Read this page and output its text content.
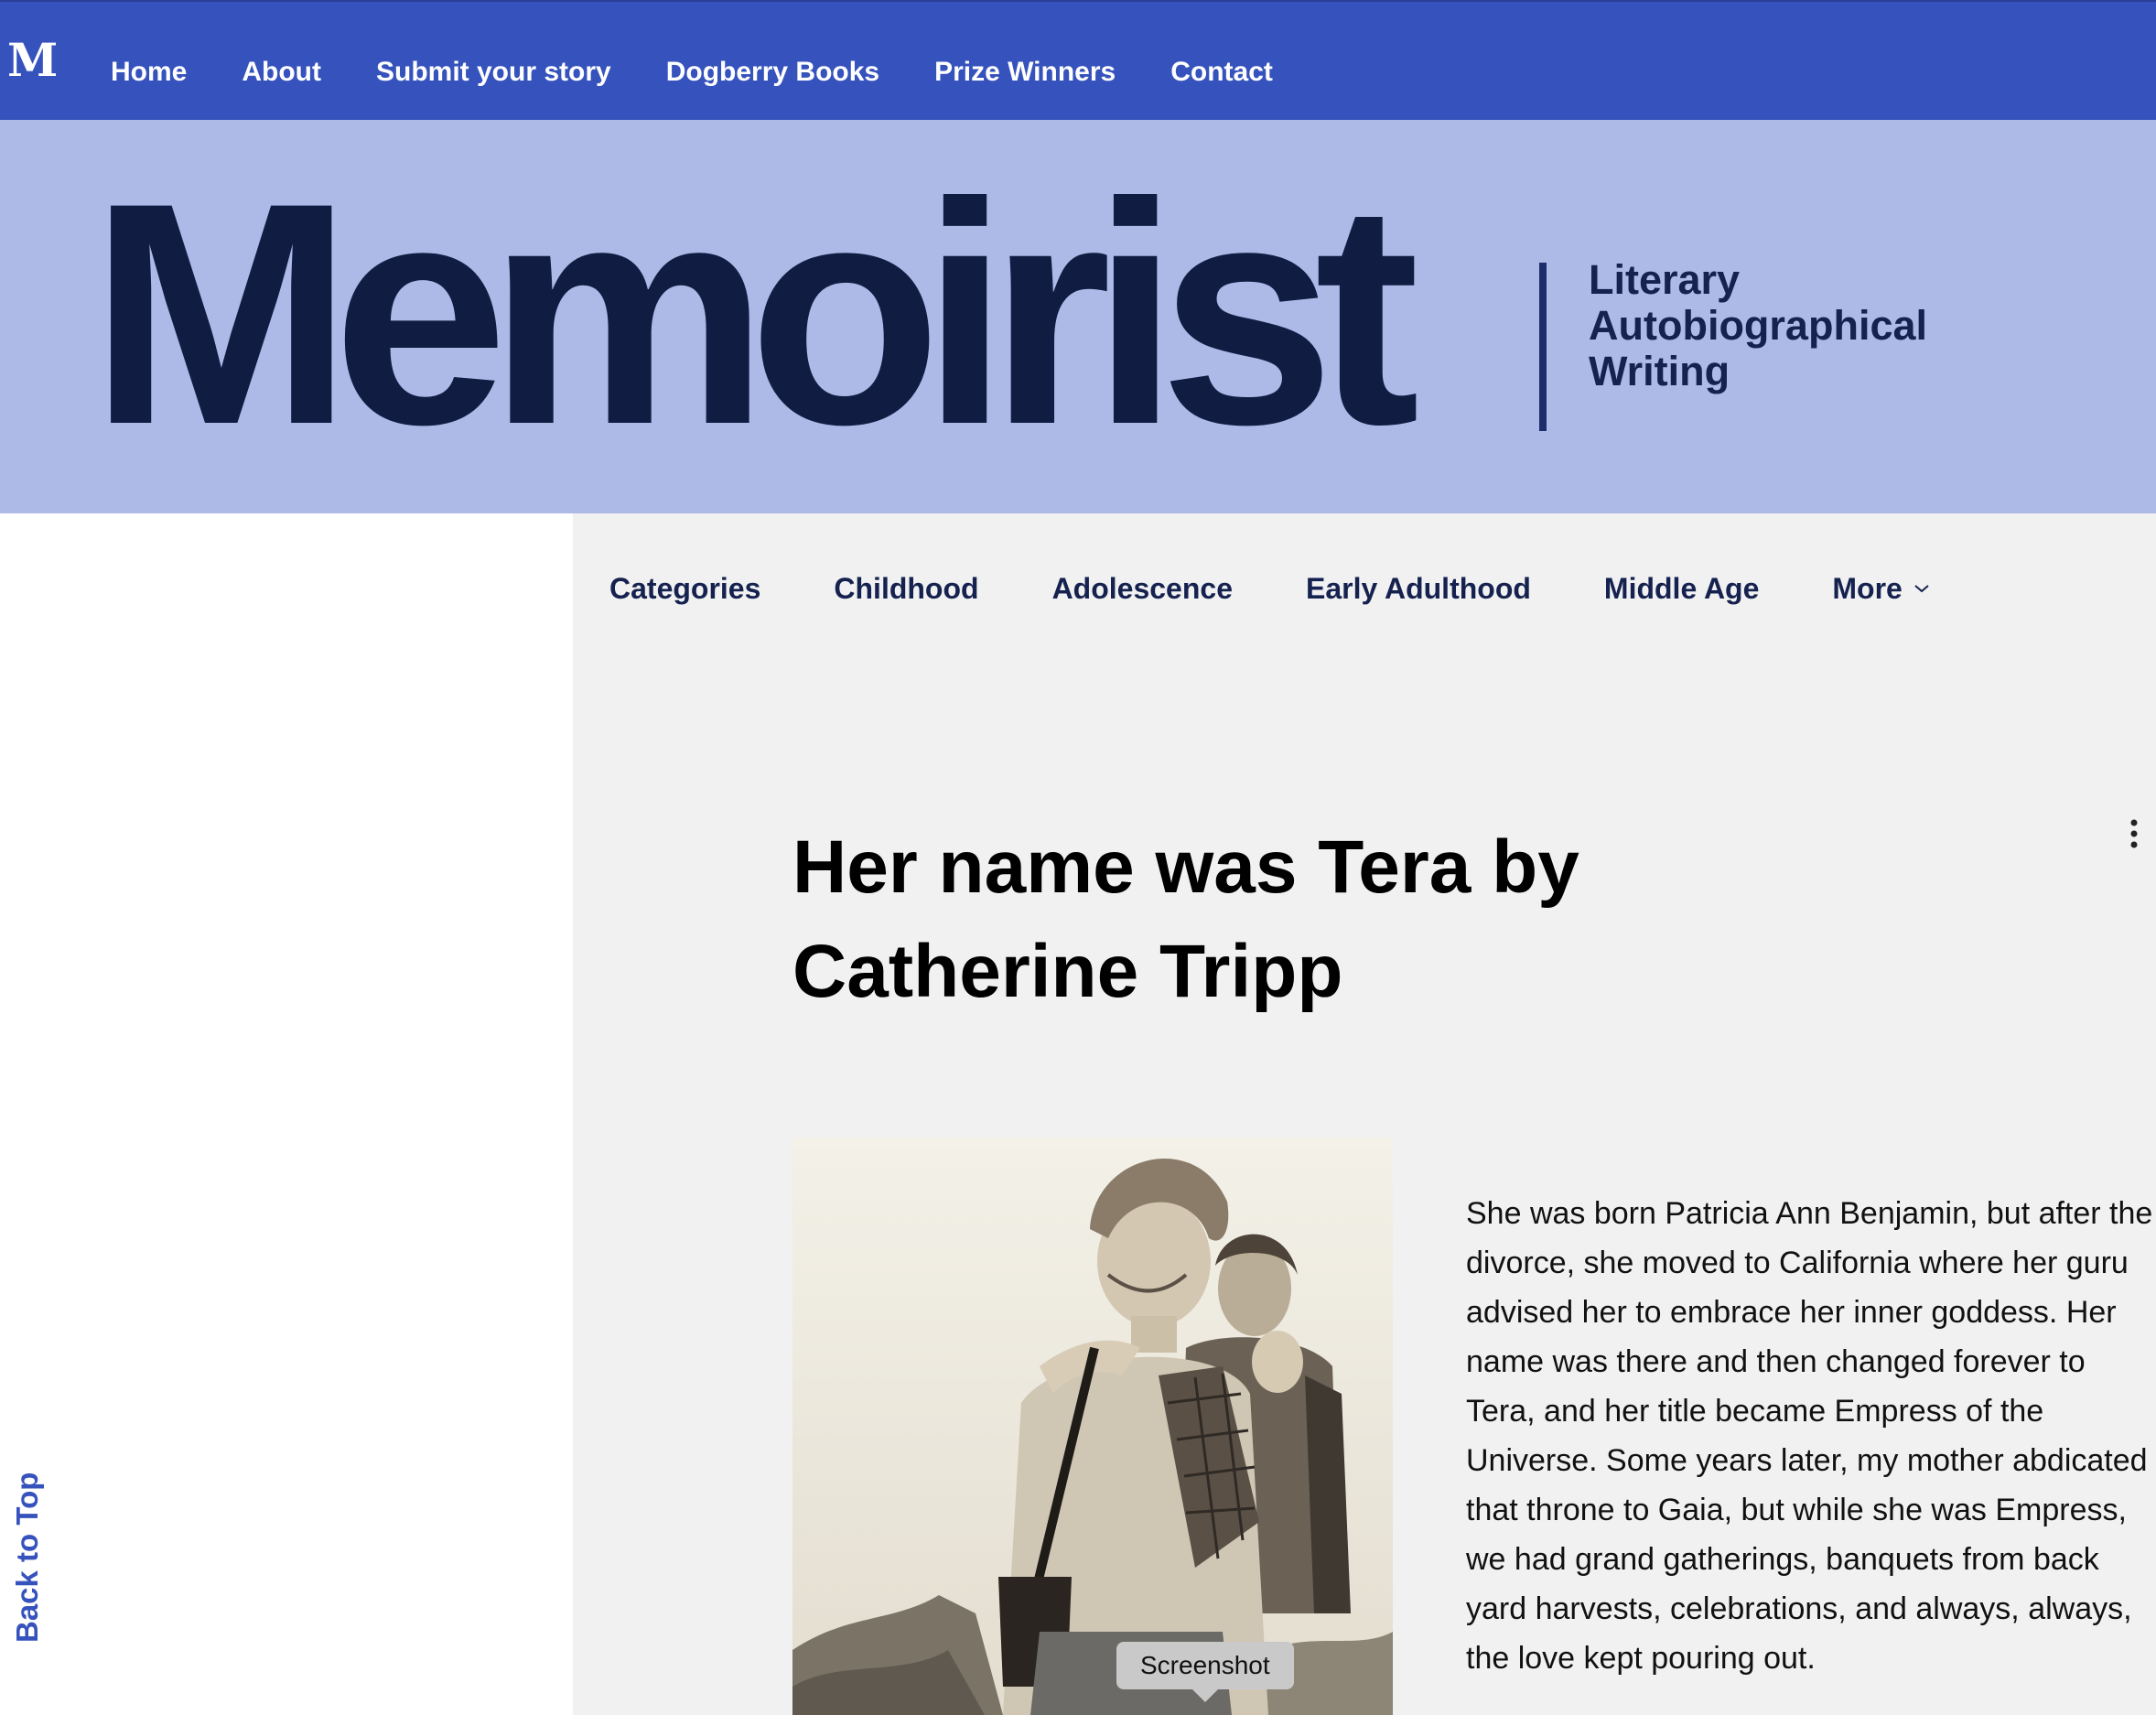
M Home About Submit your story Dogberry Books Prize Winners Contact
Memoirist	Literary
Autobiographical
Writing
Back to Top
Categories	Childhood	Adolescence	Early Adulthood	Middle Age	More
Her name was Tera by Catherine Tripp

She was born Patricia Ann Benjamin, but after the divorce, she moved to California where her guru advised her to embrace her inner goddess. Her name was there and then changed forever to Tera, and her title became Empress of the Universe. Some years later, my mother abdicated that throne to Gaia, but while she was Empress, we had grand gatherings, banquets from back yard harvests, celebrations, and always, always, the love kept pouring out.

Screenshot
